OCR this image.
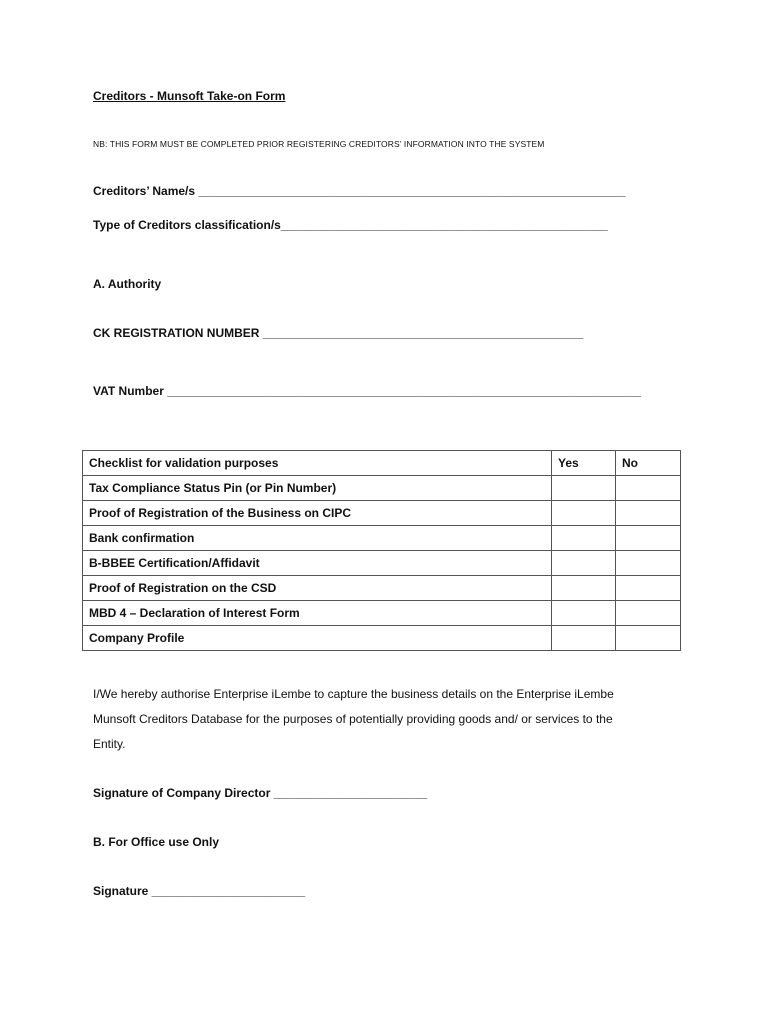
Creditors - Munsoft Take-on Form
NB: THIS FORM MUST BE COMPLETED PRIOR REGISTERING CREDITORS’ INFORMATION INTO THE SYSTEM
Creditors’ Name/s ________________________________________________________________
Type of Creditors classification/s_________________________________________________
A. Authority
CK REGISTRATION NUMBER ________________________________________________
VAT Number _______________________________________________________________________
Checklist for validation purposes	Yes	No
Tax Compliance Status Pin (or Pin Number)		
Proof of Registration of the Business on CIPC		
Bank confirmation		
B-BBEE Certification/Affidavit		
Proof of Registration on the CSD		
MBD 4 – Declaration of Interest Form		
Company Profile		
I/We hereby authorise Enterprise iLembe to capture the business details on the Enterprise iLembe
Munsoft Creditors Database for the purposes of potentially providing goods and/ or services to the
Entity.
Signature of Company Director _______________________
B. For Office use Only
Signature _______________________
